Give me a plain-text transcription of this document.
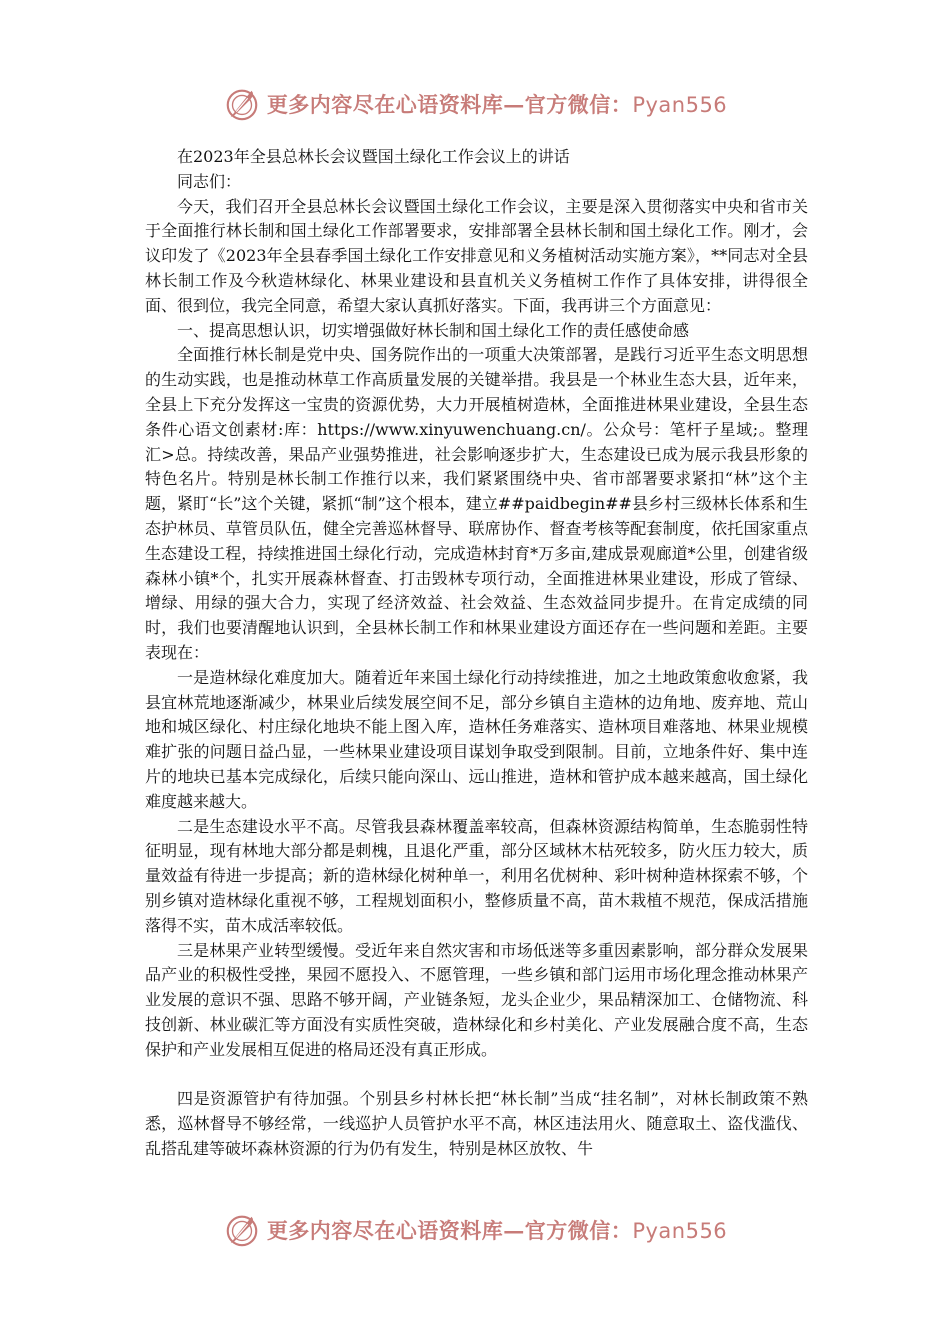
更多内容尽在心语资料库—官方微信：Pyan556

在2023年全县总林长会议暨国土绿化工作会议上的讲话

同志们：

今天，我们召开全县总林长会议暨国土绿化工作会议，主要是深入贯彻落实中央和省市关于全面推行林长制和国土绿化工作部署要求，安排部署全县林长制和国土绿化工作。刚才，会议印发了《2023年全县春季国土绿化工作安排意见和义务植树活动实施方案》，**同志对全县林长制工作及今秋造林绿化、林果业建设和县直机关义务植树工作作了具体安排，讲得很全面、很到位，我完全同意，希望大家认真抓好落实。下面，我再讲三个方面意见：

一、提高思想认识，切实增强做好林长制和国土绿化工作的责任感使命感

全面推行林长制是党中央、国务院作出的一项重大决策部署，是践行习近平生态文明思想的生动实践，也是推动林草工作高质量发展的关键举措。我县是一个林业生态大县，近年来，全县上下充分发挥这一宝贵的资源优势，大力开展植树造林，全面推进林果业建设，全县生态条件心语文创素材:库：https://www.xinyuwenchuang.cn/。公众号：笔杆子星域;。整理汇>总。持续改善，果品产业强势推进，社会影响逐步扩大，生态建设已成为展示我县形象的特色名片。特别是林长制工作推行以来，我们紧紧围绕中央、省市部署要求紧扣“林”这个主题，紧盯“长”这个关键，紧抓“制”这个根本，建立##paidbegin##县乡村三级林长体系和生态护林员、草管员队伍，健全完善巡林督导、联席协作、督查考核等配套制度，依托国家重点生态建设工程，持续推进国土绿化行动，完成造林封育*万多亩,建成景观廊道*公里，创建省级森林小镇*个，扎实开展森林督查、打击毁林专项行动，全面推进林果业建设，形成了管绿、增绿、用绿的强大合力，实现了经济效益、社会效益、生态效益同步提升。在肯定成绩的同时，我们也要清醒地认识到，全县林长制工作和林果业建设方面还存在一些问题和差距。主要表现在：

一是造林绿化难度加大。随着近年来国土绿化行动持续推进，加之土地政策愈收愈紧，我县宜林荒地逐渐减少，林果业后续发展空间不足，部分乡镇自主造林的边角地、废弃地、荒山地和城区绿化、村庄绿化地块不能上图入库，造林任务难落实、造林项目难落地、林果业规模难扩张的问题日益凸显，一些林果业建设项目谋划争取受到限制。目前，立地条件好、集中连片的地块已基本完成绿化，后续只能向深山、远山推进，造林和管护成本越来越高，国土绿化难度越来越大。

二是生态建设水平不高。尽管我县森林覆盖率较高，但森林资源结构简单，生态脆弱性特征明显，现有林地大部分都是刺槐，且退化严重，部分区域林木枯死较多，防火压力较大，质量效益有待进一步提高；新的造林绿化树种单一，利用名优树种、彩叶树种造林探索不够，个别乡镇对造林绿化重视不够，工程规划面积小，整修质量不高，苗木栽植不规范，保成活措施落得不实，苗木成活率较低。

三是林果产业转型缓慢。受近年来自然灾害和市场低迷等多重因素影响，部分群众发展果品产业的积极性受挫，果园不愿投入、不愿管理，一些乡镇和部门运用市场化理念推动林果产业发展的意识不强、思路不够开阔，产业链条短，龙头企业少，果品精深加工、仓储物流、科技创新、林业碳汇等方面没有实质性突破，造林绿化和乡村美化、产业发展融合度不高，生态保护和产业发展相互促进的格局还没有真正形成。

四是资源管护有待加强。个别县乡村林长把“林长制”当成“挂名制”，对林长制政策不熟悉，巡林督导不够经常，一线巡护人员管护水平不高，林区违法用火、随意取土、盗伐滥伐、乱搭乱建等破坏森林资源的行为仍有发生，特别是林区放牧、牛

更多内容尽在心语资料库—官方微信：Pyan556
